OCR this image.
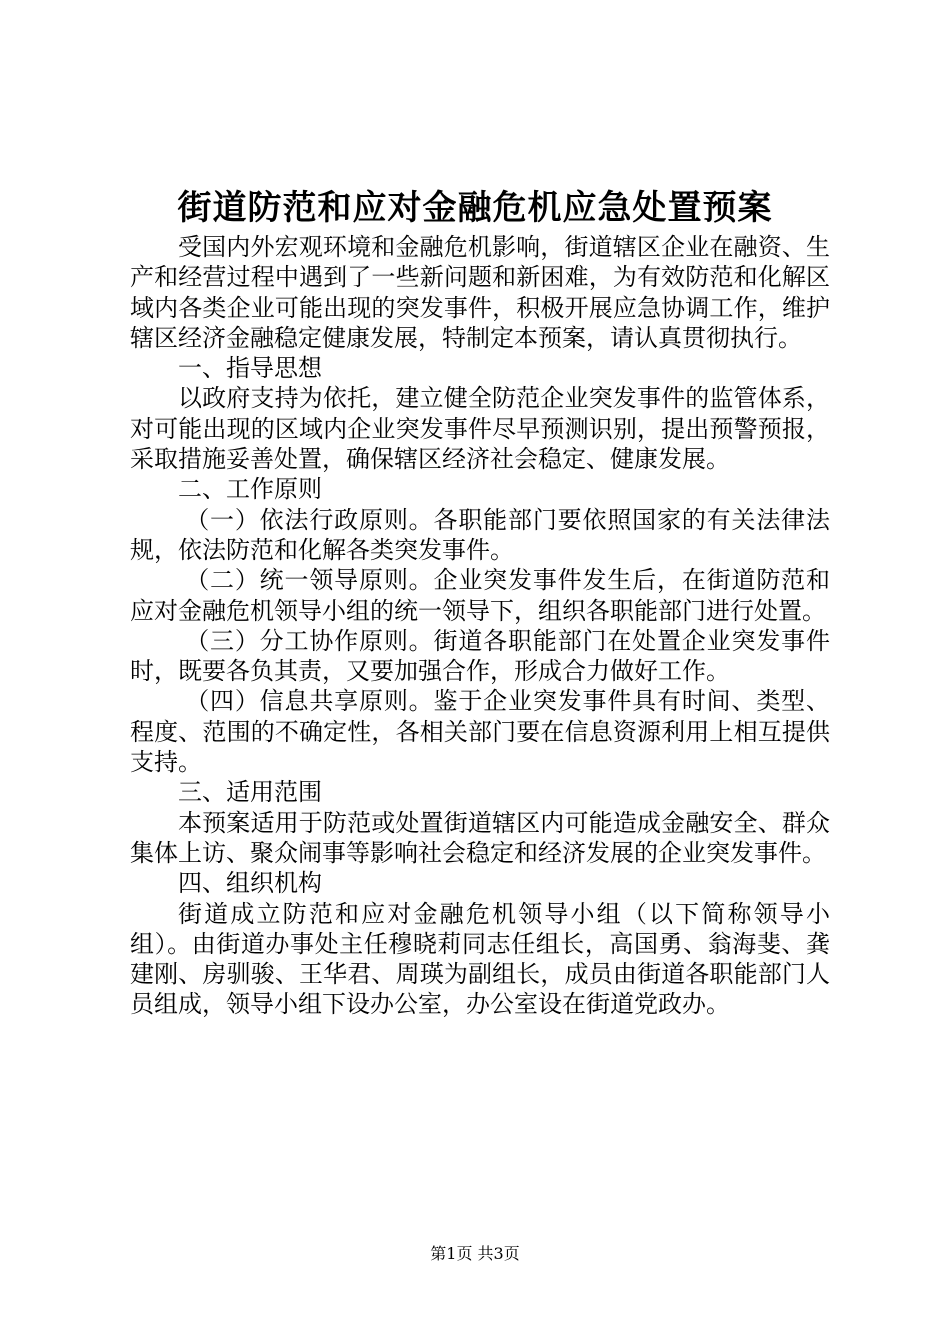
街道防范和应对金融危机应急处置预案

受国内外宏观环境和金融危机影响，街道辖区企业在融资、生产和经营过程中遇到了一些新问题和新困难，为有效防范和化解区域内各类企业可能出现的突发事件，积极开展应急协调工作，维护辖区经济金融稳定健康发展，特制定本预案，请认真贯彻执行。

一、指导思想

以政府支持为依托，建立健全防范企业突发事件的监管体系，对可能出现的区域内企业突发事件尽早预测识别，提出预警预报，采取措施妥善处置，确保辖区经济社会稳定、健康发展。

二、工作原则

（一）依法行政原则。各职能部门要依照国家的有关法律法规，依法防范和化解各类突发事件。

（二）统一领导原则。企业突发事件发生后，在街道防范和应对金融危机领导小组的统一领导下，组织各职能部门进行处置。

（三）分工协作原则。街道各职能部门在处置企业突发事件时，既要各负其责，又要加强合作，形成合力做好工作。

（四）信息共享原则。鉴于企业突发事件具有时间、类型、程度、范围的不确定性，各相关部门要在信息资源利用上相互提供支持。

三、适用范围

本预案适用于防范或处置街道辖区内可能造成金融安全、群众集体上访、聚众闹事等影响社会稳定和经济发展的企业突发事件。

四、组织机构

街道成立防范和应对金融危机领导小组（以下简称领导小组）。由街道办事处主任穆晓莉同志任组长，高国勇、翁海斐、龚建刚、房驯骏、王华君、周瑛为副组长，成员由街道各职能部门人员组成，领导小组下设办公室，办公室设在街道党政办。

第1页 共3页
